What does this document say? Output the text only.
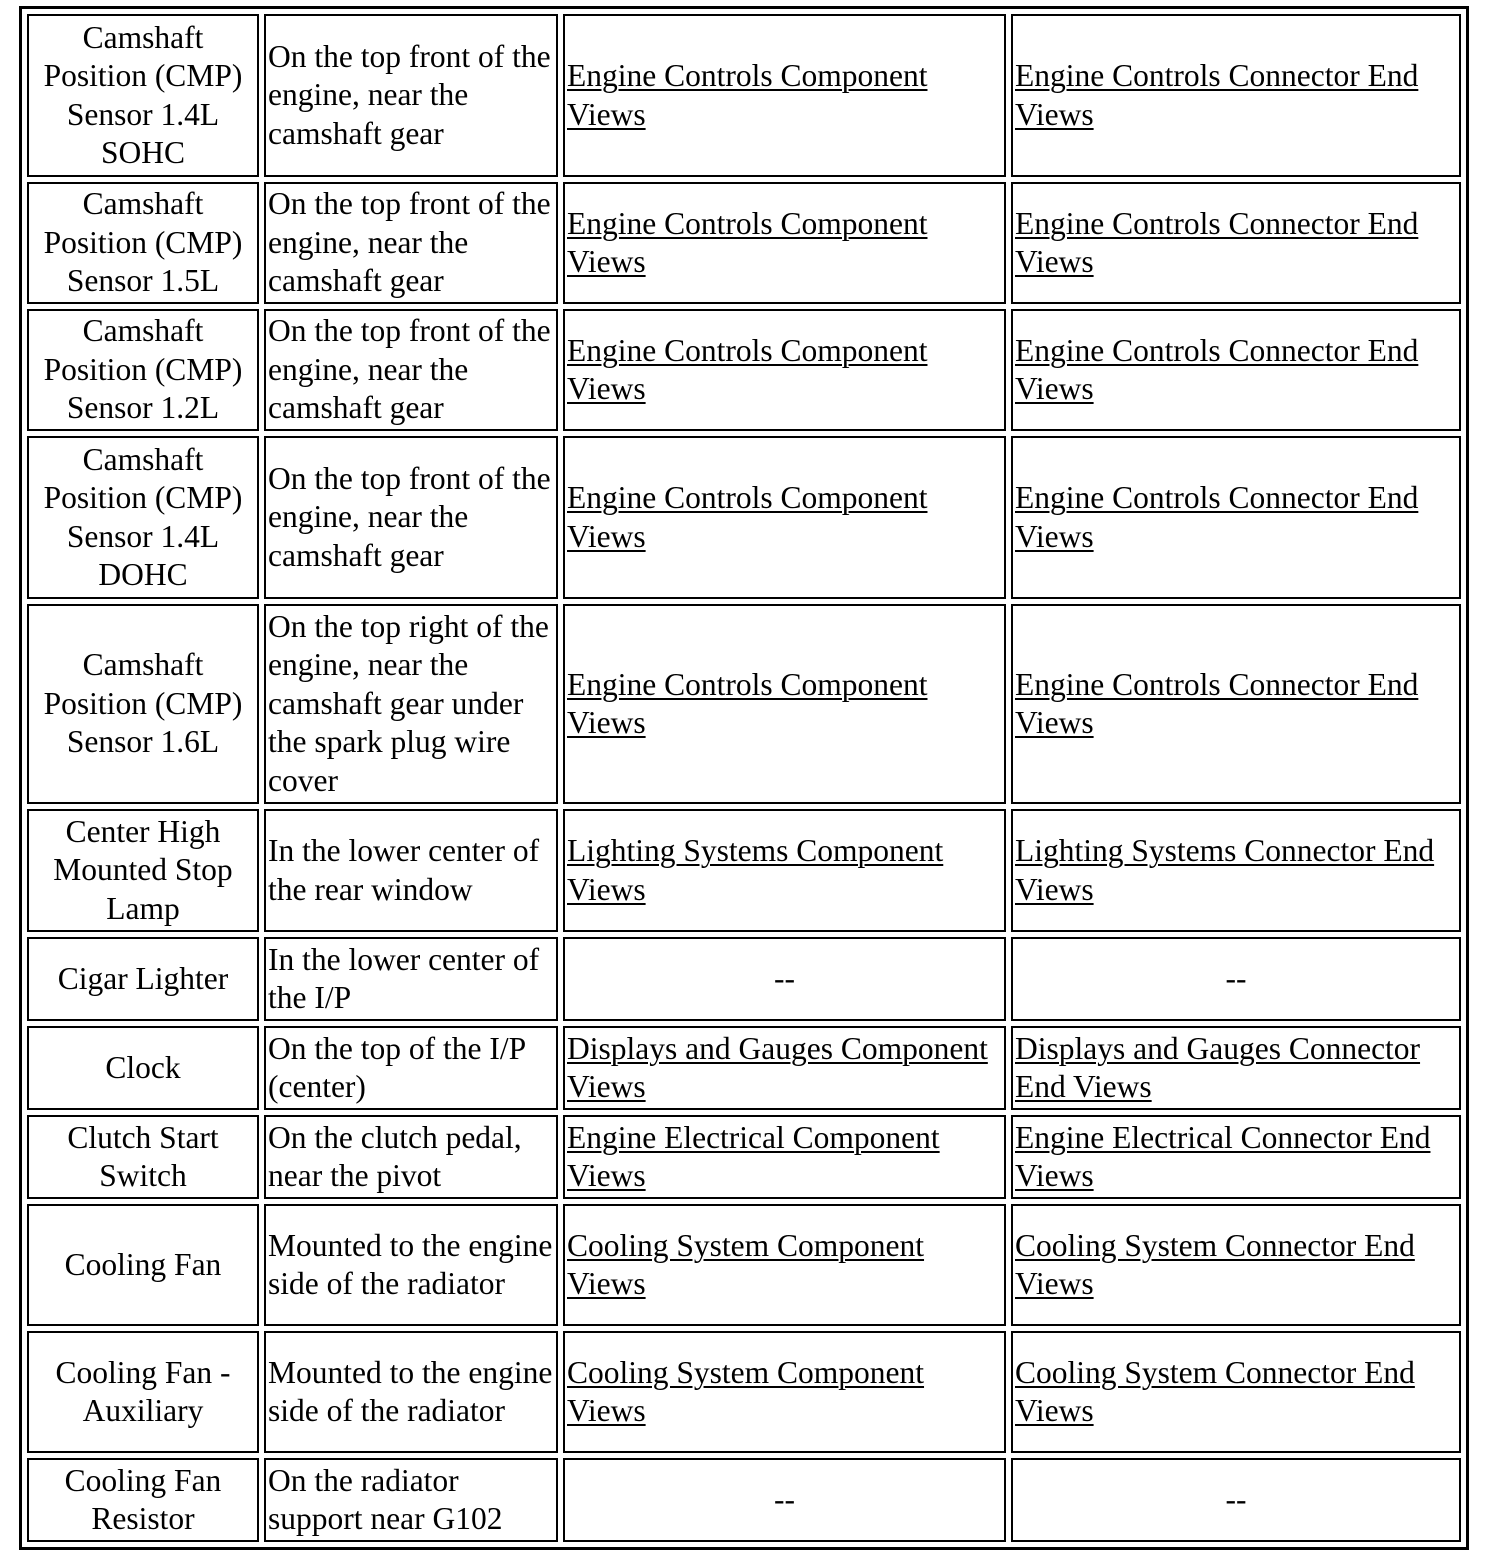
Camshaft Position (CMP) Sensor 1.4L SOHC	On the top front of the engine, near the camshaft gear	Engine Controls Component Views	Engine Controls Connector End Views
Camshaft Position (CMP) Sensor 1.5L	On the top front of the engine, near the camshaft gear	Engine Controls Component Views	Engine Controls Connector End Views
Camshaft Position (CMP) Sensor 1.2L	On the top front of the engine, near the camshaft gear	Engine Controls Component Views	Engine Controls Connector End Views
Camshaft Position (CMP) Sensor 1.4L DOHC	On the top front of the engine, near the camshaft gear	Engine Controls Component Views	Engine Controls Connector End Views
Camshaft Position (CMP) Sensor 1.6L	On the top right of the engine, near the camshaft gear under the spark plug wire cover	Engine Controls Component Views	Engine Controls Connector End Views
Center High Mounted Stop Lamp	In the lower center of the rear window	Lighting Systems Component Views	Lighting Systems Connector End Views
Cigar Lighter	In the lower center of the I/P	--	--
Clock	On the top of the I/P (center)	Displays and Gauges Component Views	Displays and Gauges Connector End Views
Clutch Start Switch	On the clutch pedal, near the pivot	Engine Electrical Component Views	Engine Electrical Connector End Views
Cooling Fan	Mounted to the engine side of the radiator	Cooling System Component Views	Cooling System Connector End Views
Cooling Fan - Auxiliary	Mounted to the engine side of the radiator	Cooling System Component Views	Cooling System Connector End Views
Cooling Fan Resistor	On the radiator support near G102	--	--
